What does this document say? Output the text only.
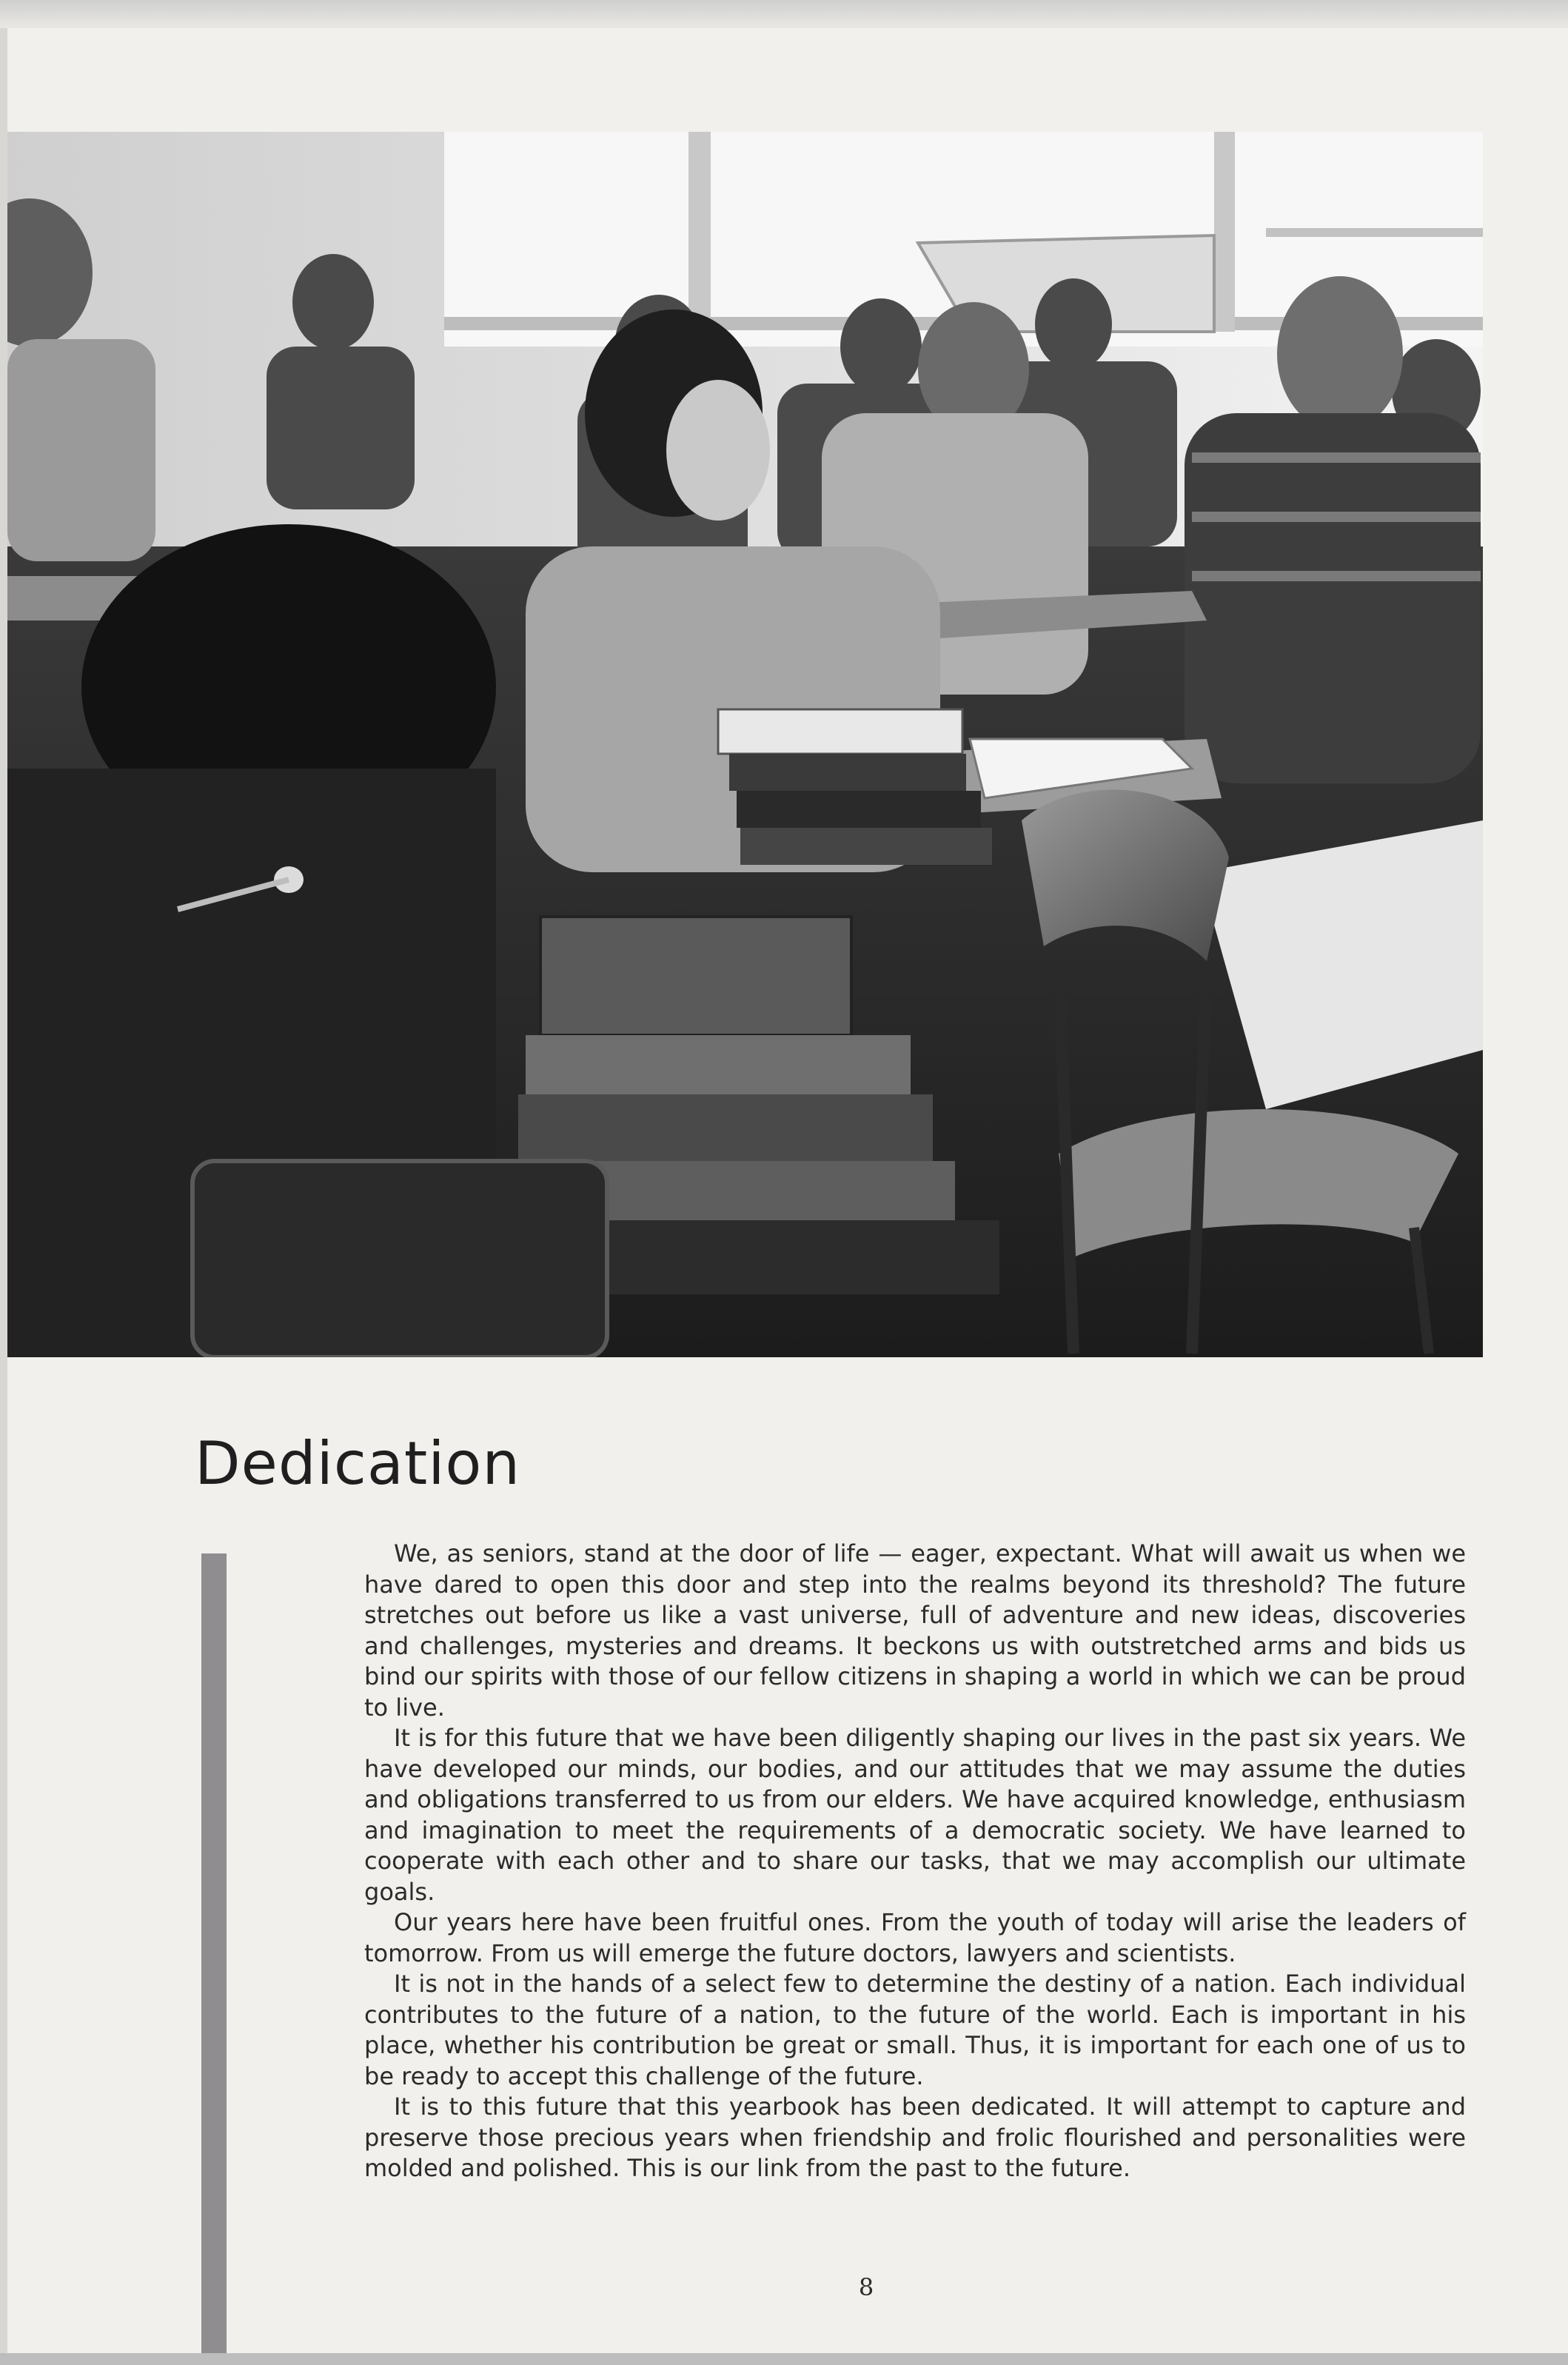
Dedication

We, as seniors, stand at the door of life — eager, expectant. What will await us when we have dared to open this door and step into the realms beyond its threshold? The future stretches out before us like a vast universe, full of adventure and new ideas, discoveries and challenges, mysteries and dreams. It beckons us with outstretched arms and bids us bind our spirits with those of our fellow citizens in shaping a world in which we can be proud to live.

It is for this future that we have been diligently shaping our lives in the past six years. We have developed our minds, our bodies, and our attitudes that we may assume the duties and obligations transferred to us from our elders. We have acquired knowledge, enthusiasm and imagination to meet the requirements of a democratic society. We have learned to cooperate with each other and to share our tasks, that we may accomplish our ultimate goals.

Our years here have been fruitful ones. From the youth of today will arise the leaders of tomorrow. From us will emerge the future doctors, lawyers and scientists.

It is not in the hands of a select few to determine the destiny of a nation. Each individual contributes to the future of a nation, to the future of the world. Each is important in his place, whether his contribution be great or small. Thus, it is important for each one of us to be ready to accept this challenge of the future.

It is to this future that this yearbook has been dedicated. It will attempt to capture and preserve those precious years when friendship and frolic flourished and personalities were molded and polished. This is our link from the past to the future.

8
